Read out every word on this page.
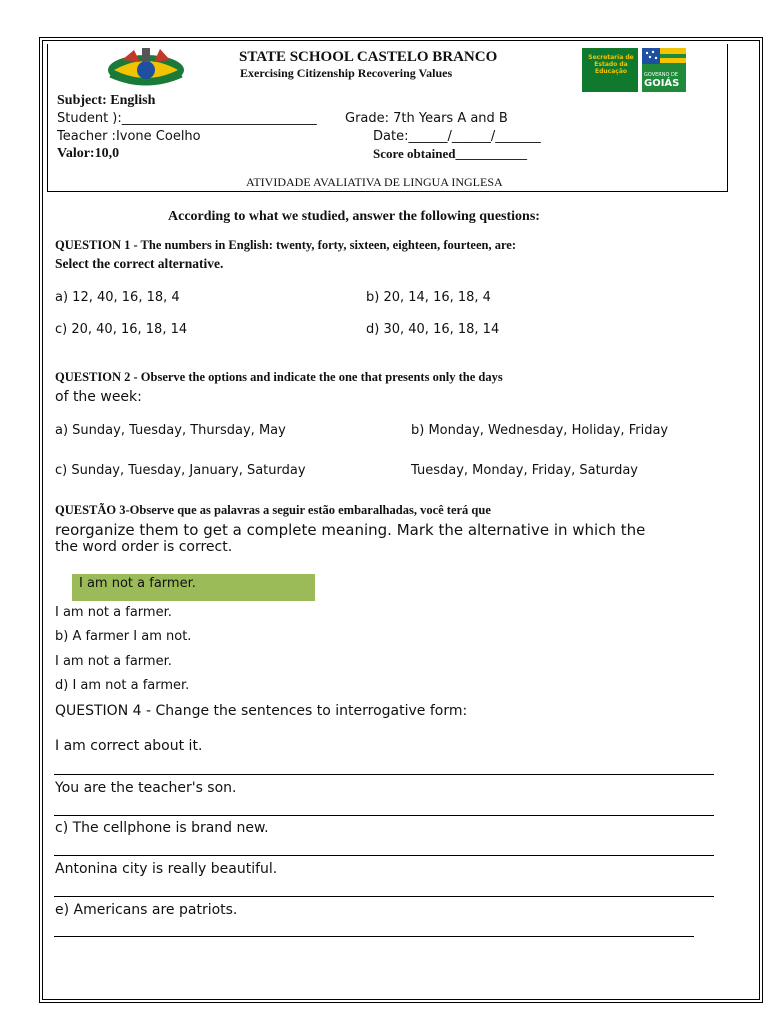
Secretaria de
Estado da
Educação	GOVERNO DE
GOIÁS
STATE SCHOOL CASTELO BRANCO
Exercising Citizenship Recovering Values
Subject: English
Student ):______________________________ Grade: 7th Years A and B
Teacher :Ivone Coelho	Date:______/______/_______
Valor:10,0	Score obtained___________
ATIVIDADE AVALIATIVA DE LINGUA INGLESA
According to what we studied, answer the following questions:
QUESTION 1 - The numbers in English: twenty, forty, sixteen, eighteen, fourteen, are:
Select the correct alternative.
a) 12, 40, 16, 18, 4	b) 20, 14, 16, 18, 4
c) 20, 40, 16, 18, 14	d) 30, 40, 16, 18, 14
QUESTION 2 - Observe the options and indicate the one that presents only the days
of the week:
a) Sunday, Tuesday, Thursday, May	b) Monday, Wednesday, Holiday, Friday
c) Sunday, Tuesday, January, Saturday	Tuesday, Monday, Friday, Saturday
QUESTÃO 3-Observe que as palavras a seguir estão embaralhadas, você terá que
reorganize them to get a complete meaning. Mark the alternative in which the
the word order is correct.
I am not a farmer.
I am not a farmer.
b) A farmer I am not.
I am not a farmer.
d) I am not a farmer.
QUESTION 4 - Change the sentences to interrogative form:
I am correct about it.
You are the teacher's son.
c) The cellphone is brand new.
Antonina city is really beautiful.
e) Americans are patriots.
